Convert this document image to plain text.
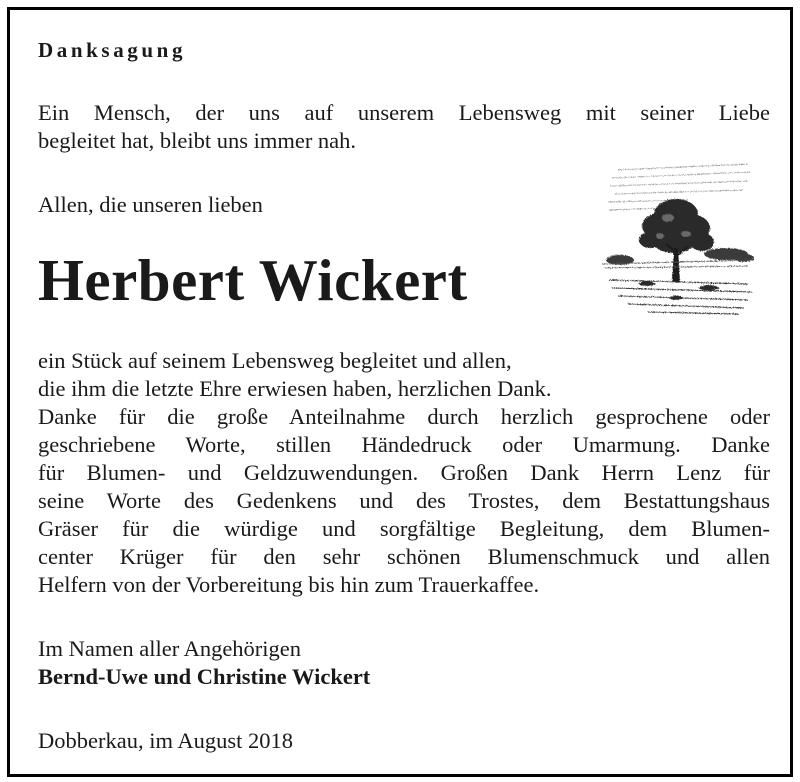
Danksagung
Ein Mensch, der uns auf unserem Lebensweg mit seiner Liebe
begleitet hat, bleibt uns immer nah.
Allen, die unseren lieben
Herbert Wickert
ein Stück auf seinem Lebensweg begleitet und allen,
die ihm die letzte Ehre erwiesen haben, herzlichen Dank.
Danke für die große Anteilnahme durch herzlich gesprochene oder
geschriebene Worte, stillen Händedruck oder Umarmung. Danke
für Blumen- und Geldzuwendungen. Großen Dank Herrn Lenz für
seine Worte des Gedenkens und des Trostes, dem Bestattungshaus
Gräser für die würdige und sorgfältige Begleitung, dem Blumen-
center Krüger für den sehr schönen Blumenschmuck und allen
Helfern von der Vorbereitung bis hin zum Trauerkaffee.
Im Namen aller Angehörigen
Bernd-Uwe und Christine Wickert
Dobberkau, im August 2018
